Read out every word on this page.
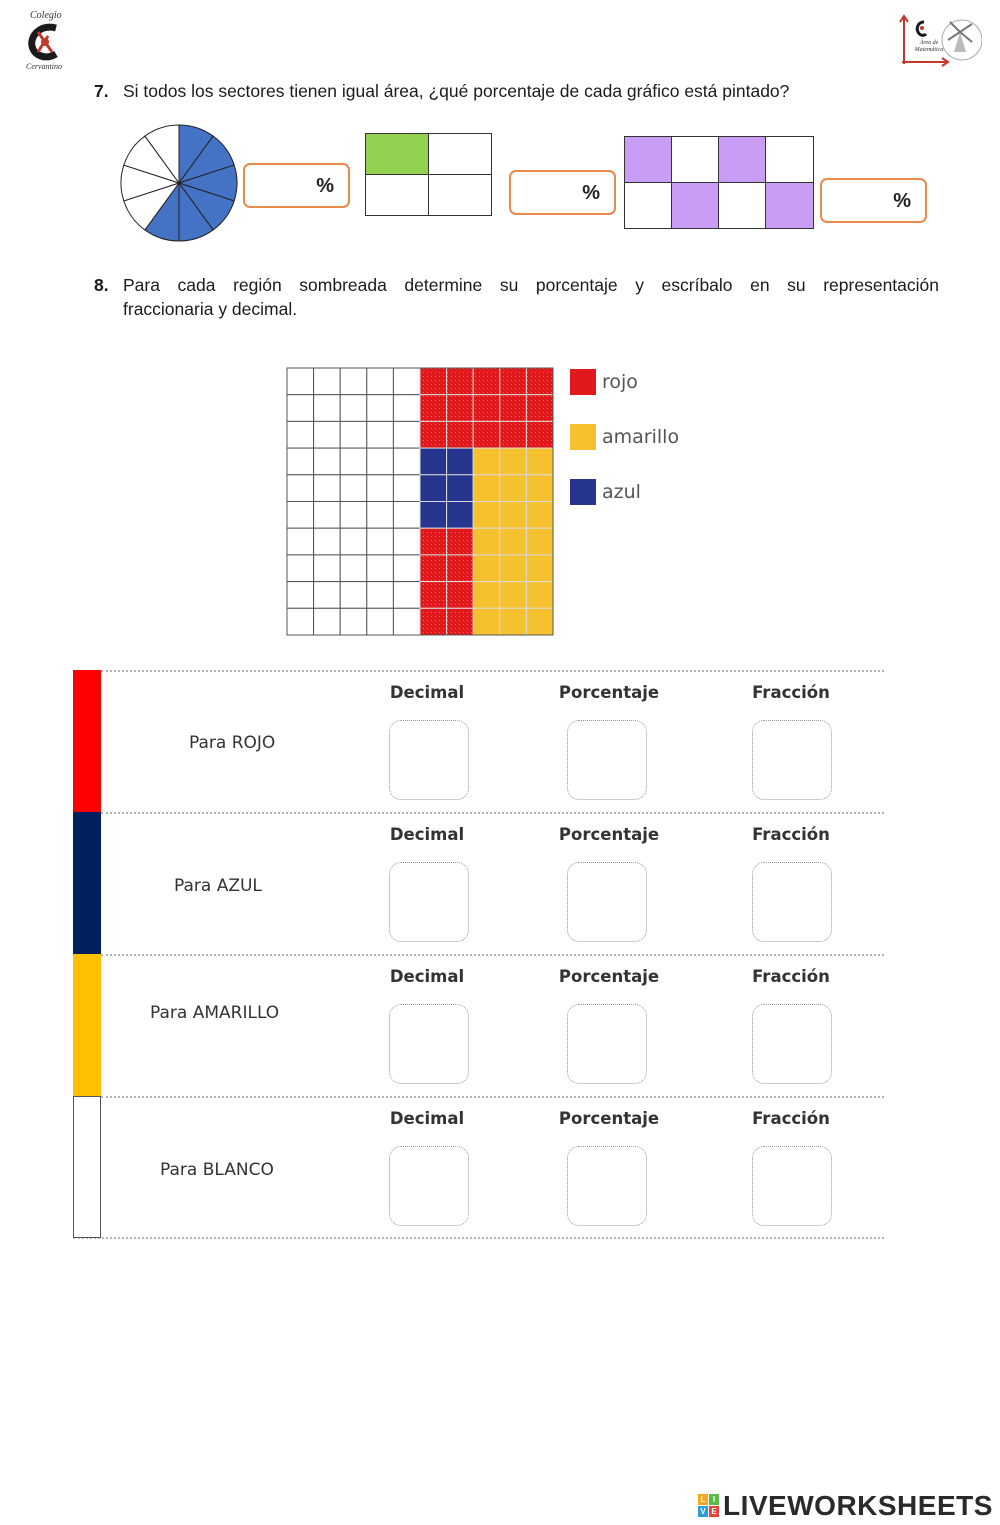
Colegio
Cervantino
Área de Matemática
7. Si todos los sectores tienen igual área, ¿qué porcentaje de cada gráfico está pintado?
%	%	%
8. Para cada región sombreada determine su porcentaje y escríbalo en su representación
fraccionaria y decimal.
rojo
amarillo
azul
Para ROJO
Decimal	Porcentaje	Fracción
Para AZUL
Decimal	Porcentaje	Fracción
Para AMARILLO
Decimal	Porcentaje	Fracción
Para BLANCO
Decimal	Porcentaje	Fracción
L I
V E LIVEWORKSHEETS
